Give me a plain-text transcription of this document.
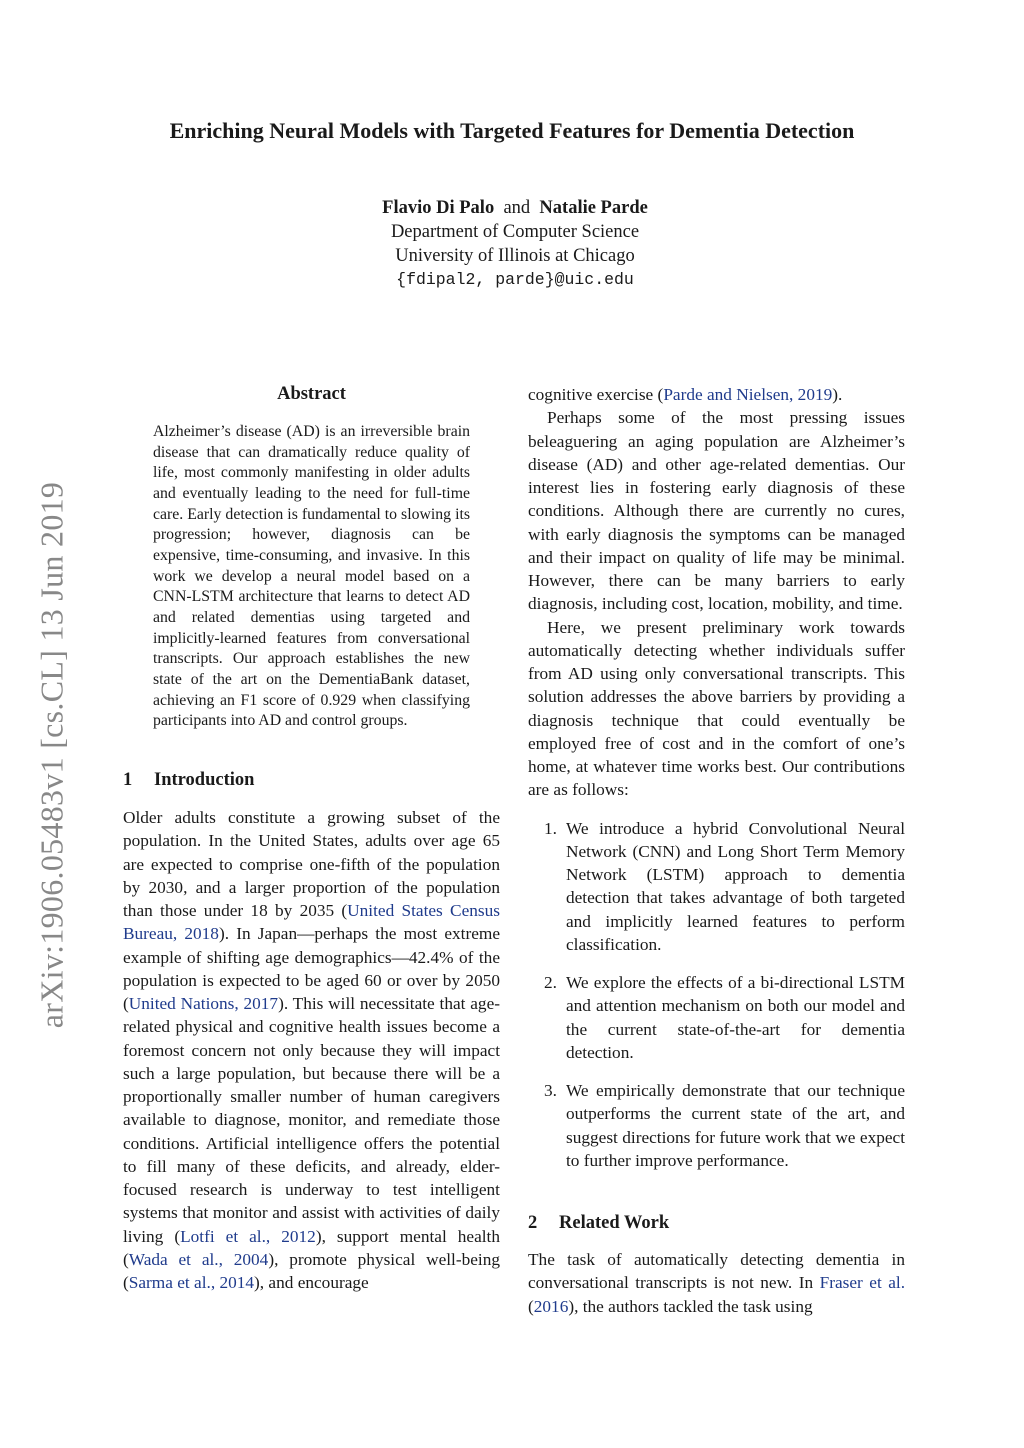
Enriching Neural Models with Targeted Features for Dementia Detection
Flavio Di Palo and Natalie Parde
Department of Computer Science
University of Illinois at Chicago
{fdipal2, parde}@uic.edu
arXiv:1906.05483v1 [cs.CL] 13 Jun 2019
Abstract
Alzheimer’s disease (AD) is an irreversible brain disease that can dramatically reduce quality of life, most commonly manifesting in older adults and eventually leading to the need for full-time care. Early detection is fundamental to slowing its progression; however, diagnosis can be expensive, time-consuming, and invasive. In this work we develop a neural model based on a CNN-LSTM architecture that learns to detect AD and related dementias using targeted and implicitly-learned features from conversational transcripts. Our approach establishes the new state of the art on the DementiaBank dataset, achieving an F1 score of 0.929 when classifying participants into AD and control groups.
1 Introduction

Older adults constitute a growing subset of the population. In the United States, adults over age 65 are expected to comprise one-fifth of the population by 2030, and a larger proportion of the population than those under 18 by 2035 (United States Census Bureau, 2018). In Japan—perhaps the most extreme example of shifting age demographics—42.4% of the population is expected to be aged 60 or over by 2050 (United Nations, 2017). This will necessitate that age-related physical and cognitive health issues become a foremost concern not only because they will impact such a large population, but because there will be a proportionally smaller number of human caregivers available to diagnose, monitor, and remediate those conditions. Artificial intelligence offers the potential to fill many of these deficits, and already, elder-focused research is underway to test intelligent systems that monitor and assist with activities of daily living (Lotfi et al., 2012), support mental health (Wada et al., 2004), promote physical well-being (Sarma et al., 2014), and encourage

cognitive exercise (Parde and Nielsen, 2019).

Perhaps some of the most pressing issues beleaguering an aging population are Alzheimer’s disease (AD) and other age-related dementias. Our interest lies in fostering early diagnosis of these conditions. Although there are currently no cures, with early diagnosis the symptoms can be managed and their impact on quality of life may be minimal. However, there can be many barriers to early diagnosis, including cost, location, mobility, and time.

Here, we present preliminary work towards automatically detecting whether individuals suffer from AD using only conversational transcripts. This solution addresses the above barriers by providing a diagnosis technique that could eventually be employed free of cost and in the comfort of one’s home, at whatever time works best. Our contributions are as follows:

1. We introduce a hybrid Convolutional Neural Network (CNN) and Long Short Term Memory Network (LSTM) approach to dementia detection that takes advantage of both targeted and implicitly learned features to perform classification.
2. We explore the effects of a bi-directional LSTM and attention mechanism on both our model and the current state-of-the-art for dementia detection.
3. We empirically demonstrate that our technique outperforms the current state of the art, and suggest directions for future work that we expect to further improve performance.
2 Related Work

The task of automatically detecting dementia in conversational transcripts is not new. In Fraser et al. (2016), the authors tackled the task using
